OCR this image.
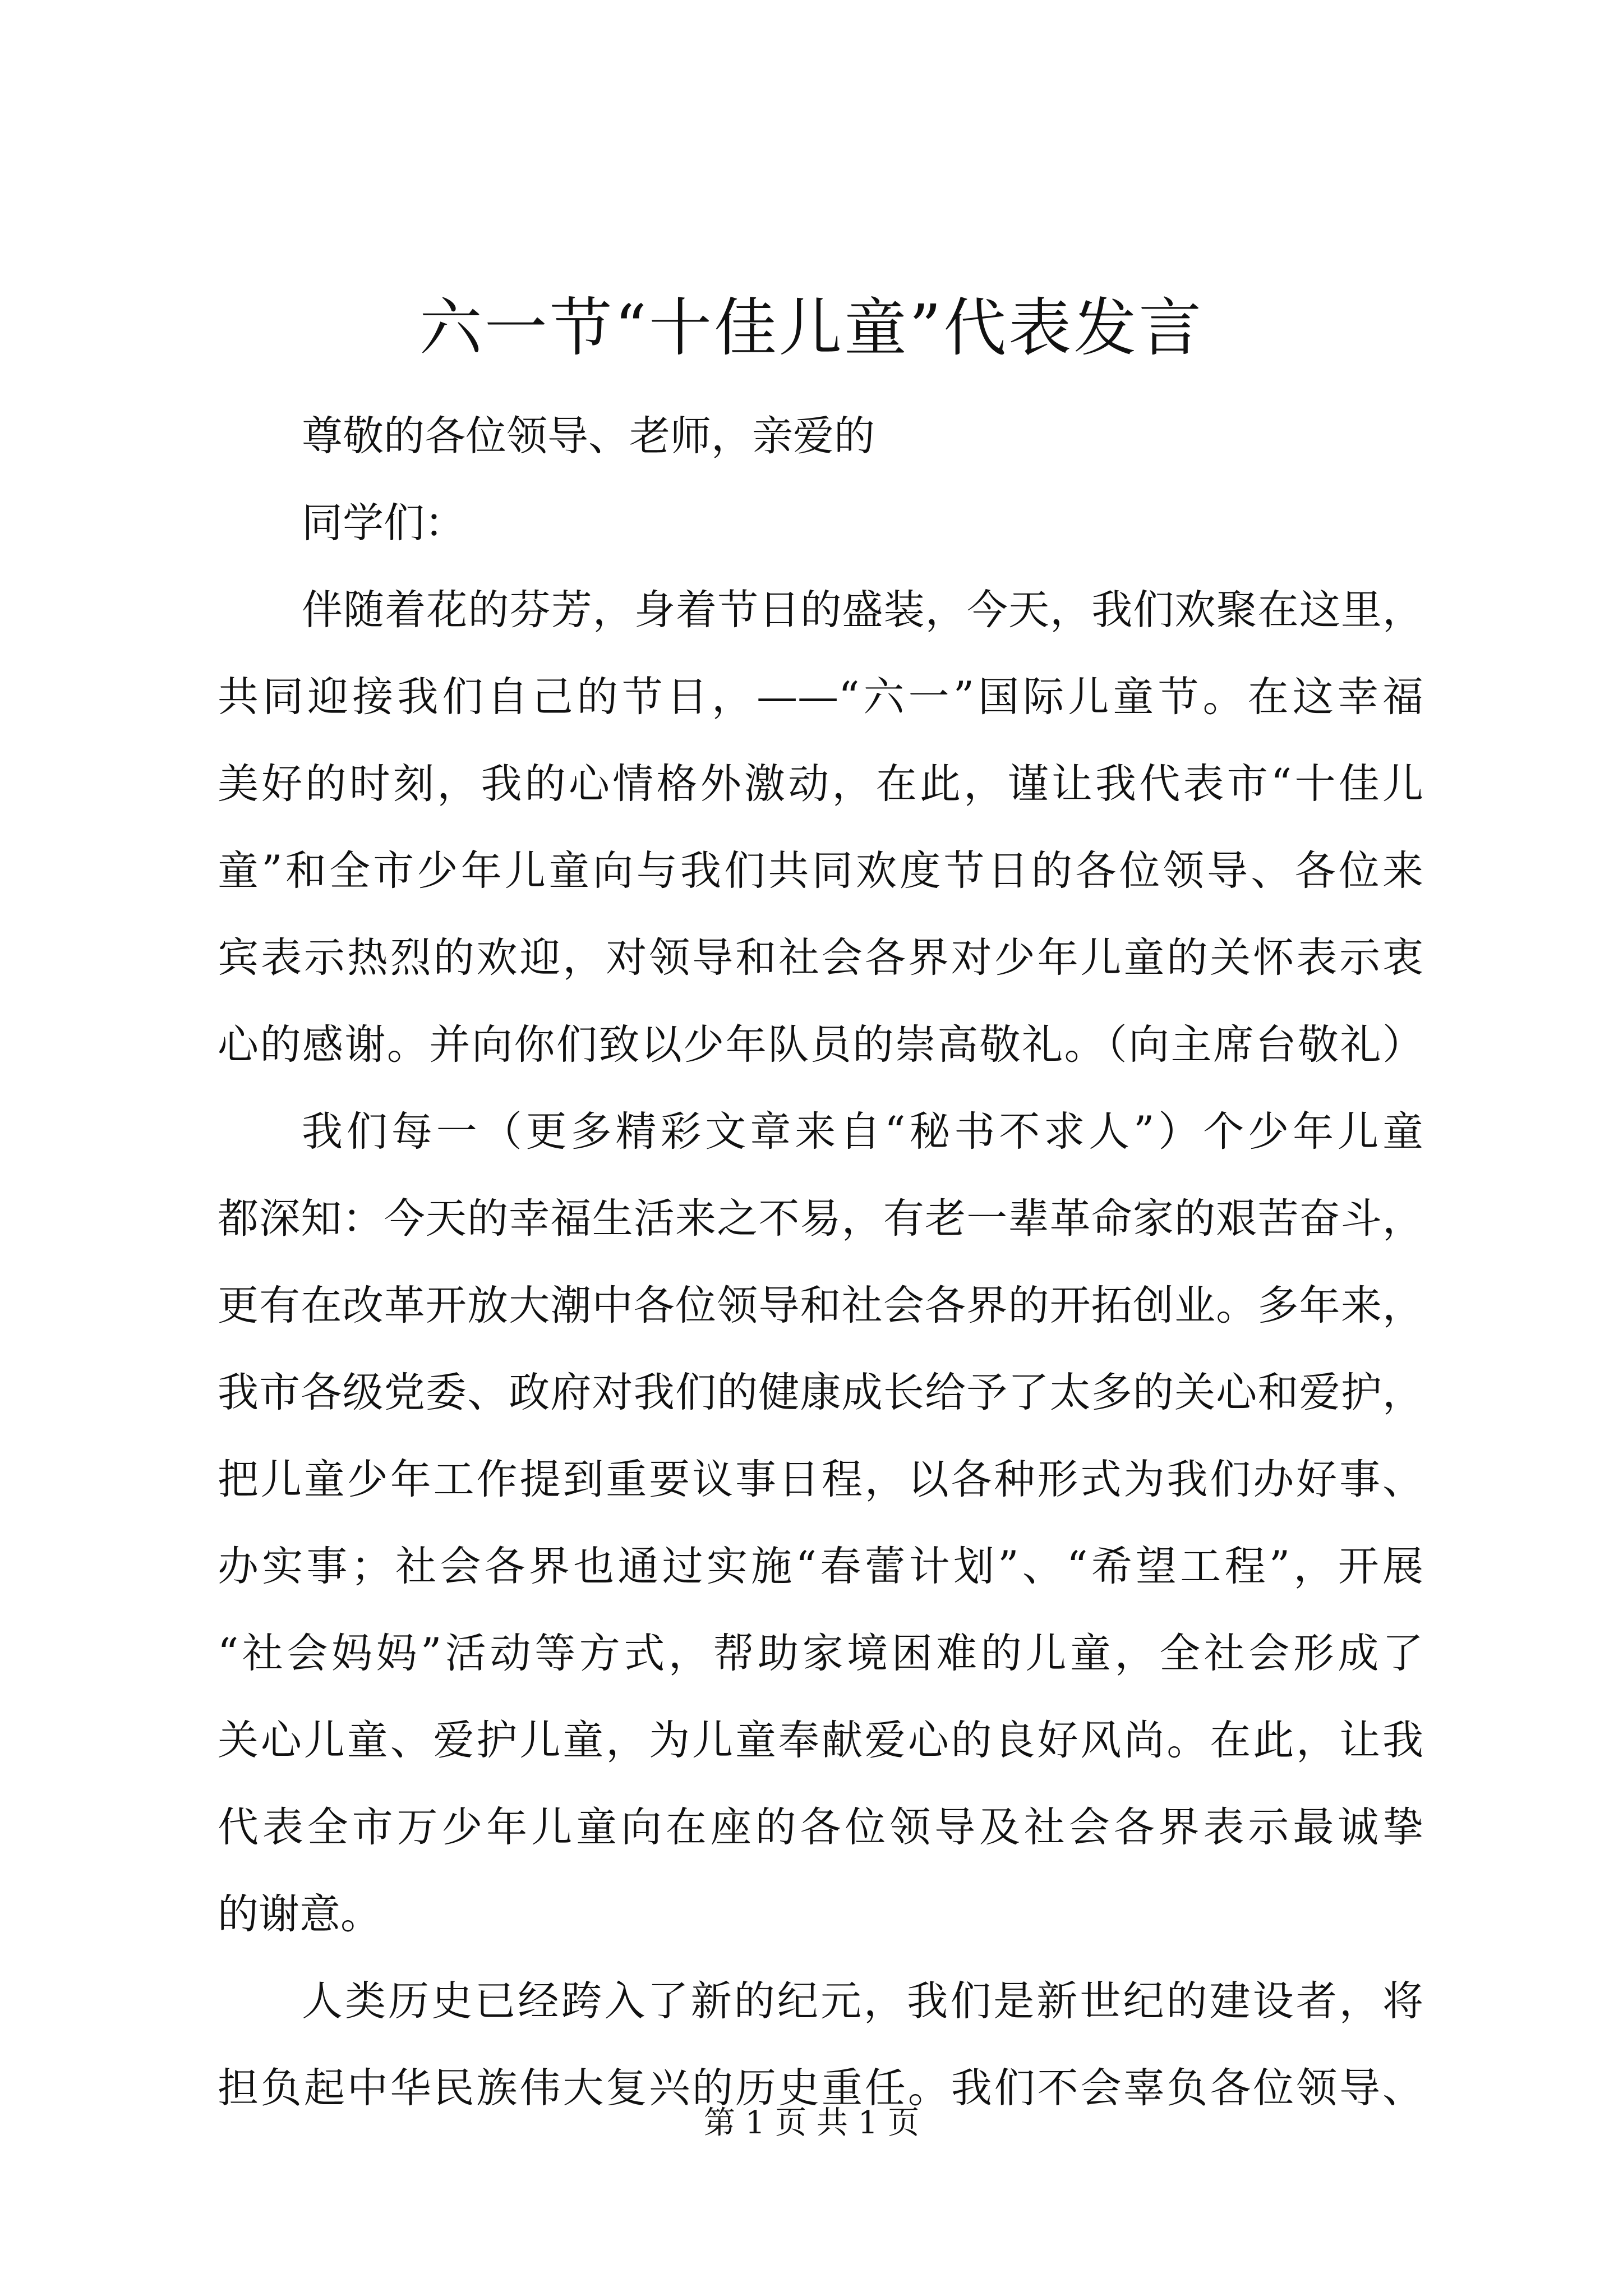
六一节“十佳儿童”代表发言
尊敬的各位领导、老师，亲爱的
同学们：
伴随着花的芬芳，身着节日的盛装，今天，我们欢聚在这里，
共同迎接我们自己的节日，——“六一”国际儿童节。在这幸福
美好的时刻，我的心情格外激动，在此，谨让我代表市“十佳儿
童”和全市少年儿童向与我们共同欢度节日的各位领导、各位来
宾表示热烈的欢迎，对领导和社会各界对少年儿童的关怀表示衷
心的感谢。并向你们致以少年队员的崇高敬礼。（向主席台敬礼）
我们每一（更多精彩文章来自“秘书不求人”）个少年儿童
都深知：今天的幸福生活来之不易，有老一辈革命家的艰苦奋斗，
更有在改革开放大潮中各位领导和社会各界的开拓创业。多年来，
我市各级党委、政府对我们的健康成长给予了太多的关心和爱护，
把儿童少年工作提到重要议事日程，以各种形式为我们办好事、
办实事；社会各界也通过实施“春蕾计划”、“希望工程”，开展
“社会妈妈”活动等方式，帮助家境困难的儿童，全社会形成了
关心儿童、爱护儿童，为儿童奉献爱心的良好风尚。在此，让我
代表全市万少年儿童向在座的各位领导及社会各界表示最诚挚
的谢意。
人类历史已经跨入了新的纪元，我们是新世纪的建设者，将
担负起中华民族伟大复兴的历史重任。我们不会辜负各位领导、
第 1 页 共 1 页
